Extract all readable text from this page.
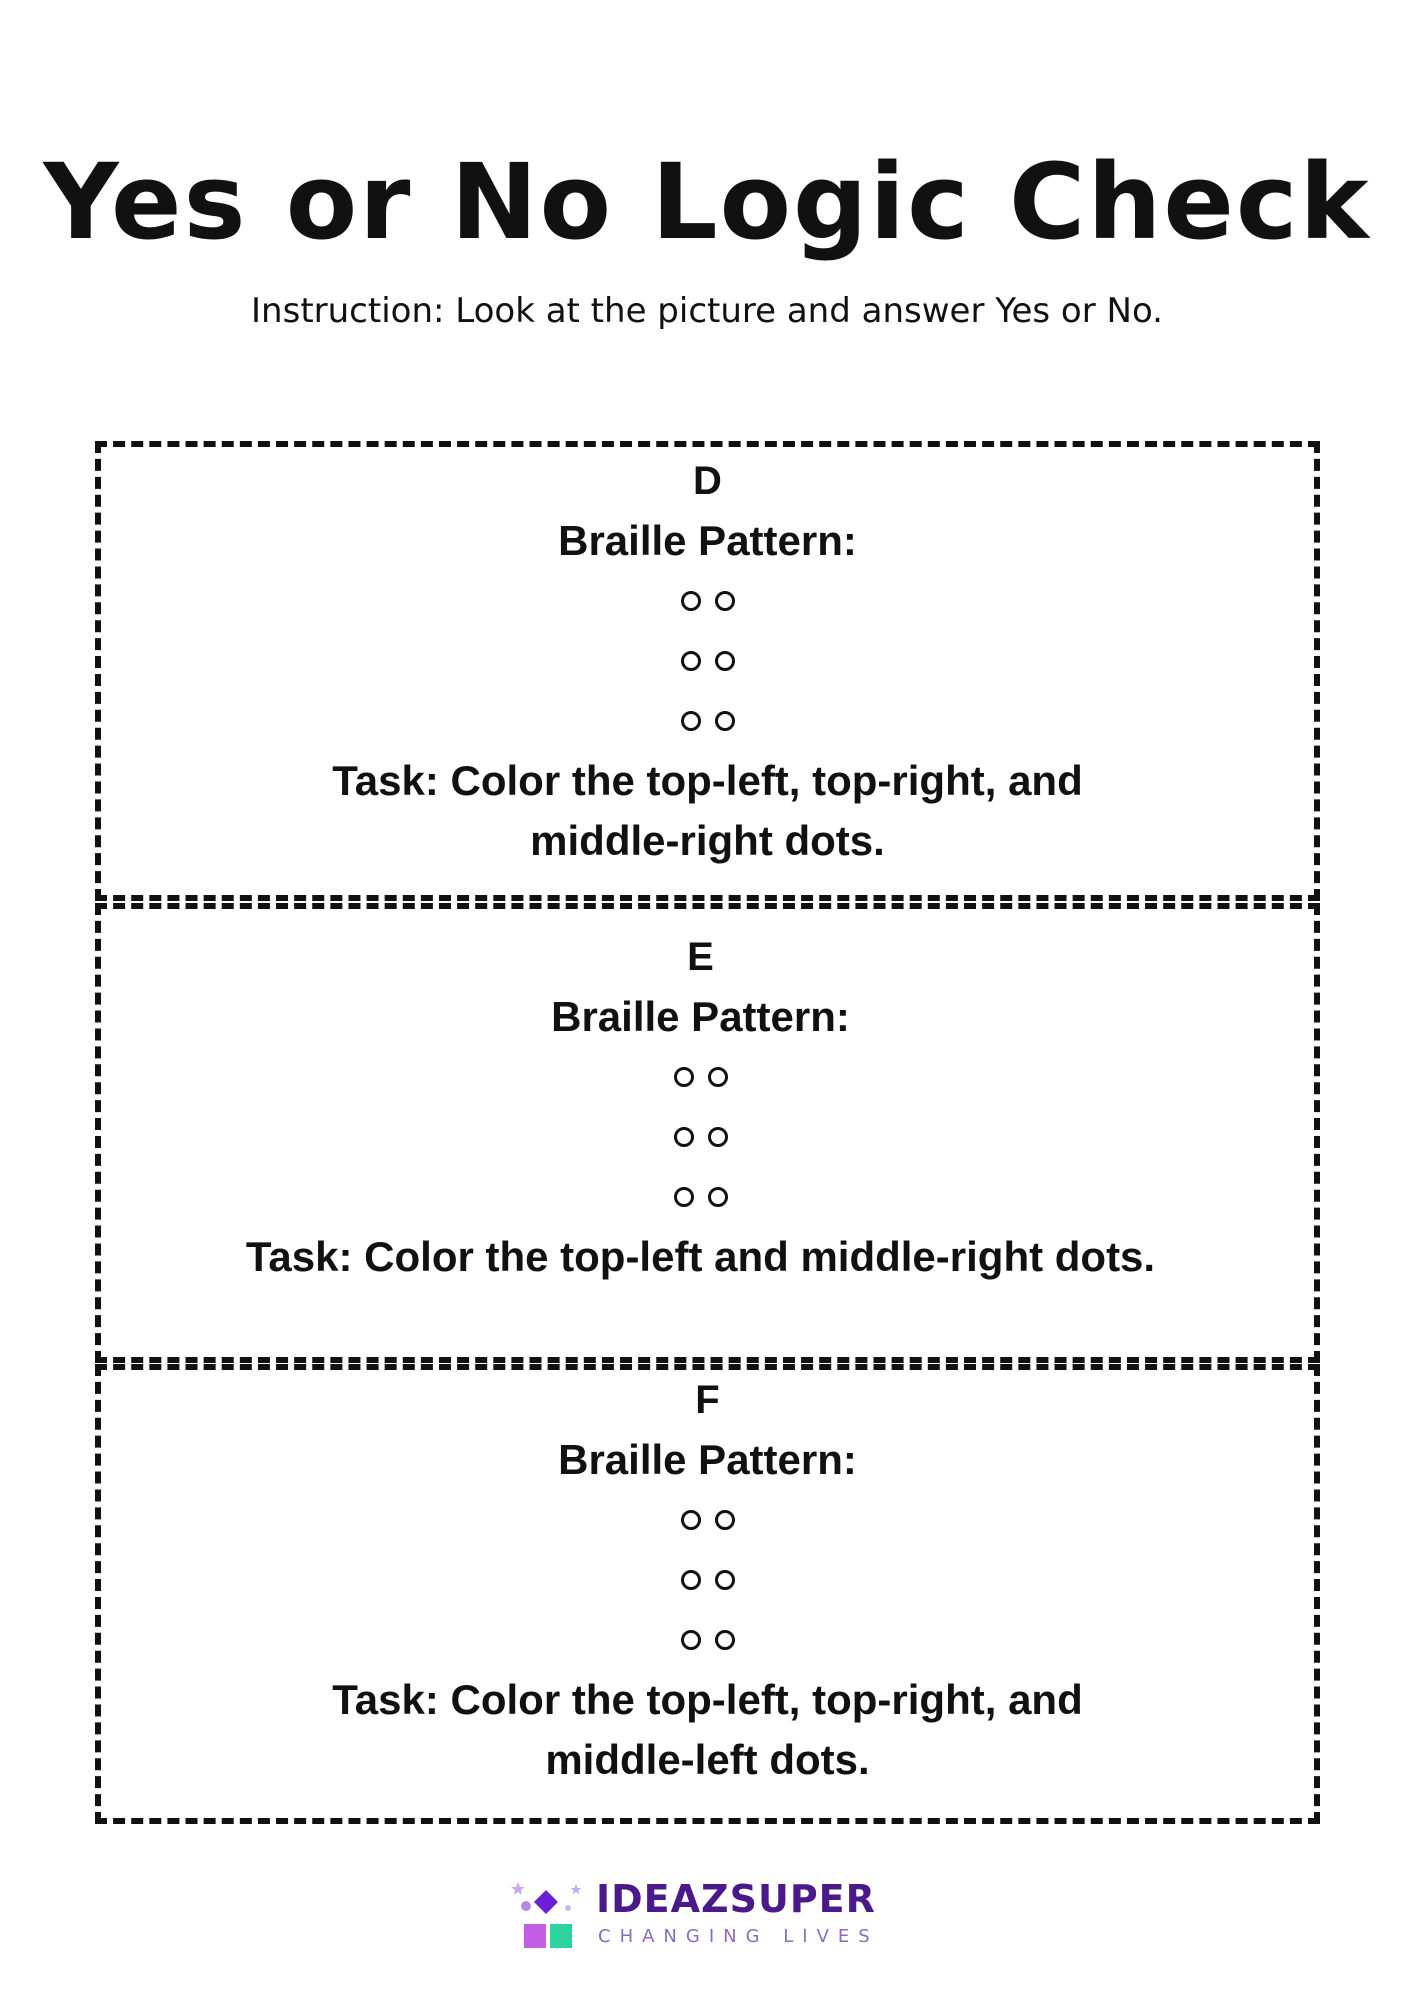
Yes or No Logic Check
Instruction: Look at the picture and answer Yes or No.
D
Braille Pattern:
Task: Color the top-left, top-right, and middle-right dots.
E
Braille Pattern:
Task: Color the top-left and middle-right dots.
F
Braille Pattern:
Task: Color the top-left, top-right, and middle-left dots.
IDEAZSUPER
CHANGING LIVES
